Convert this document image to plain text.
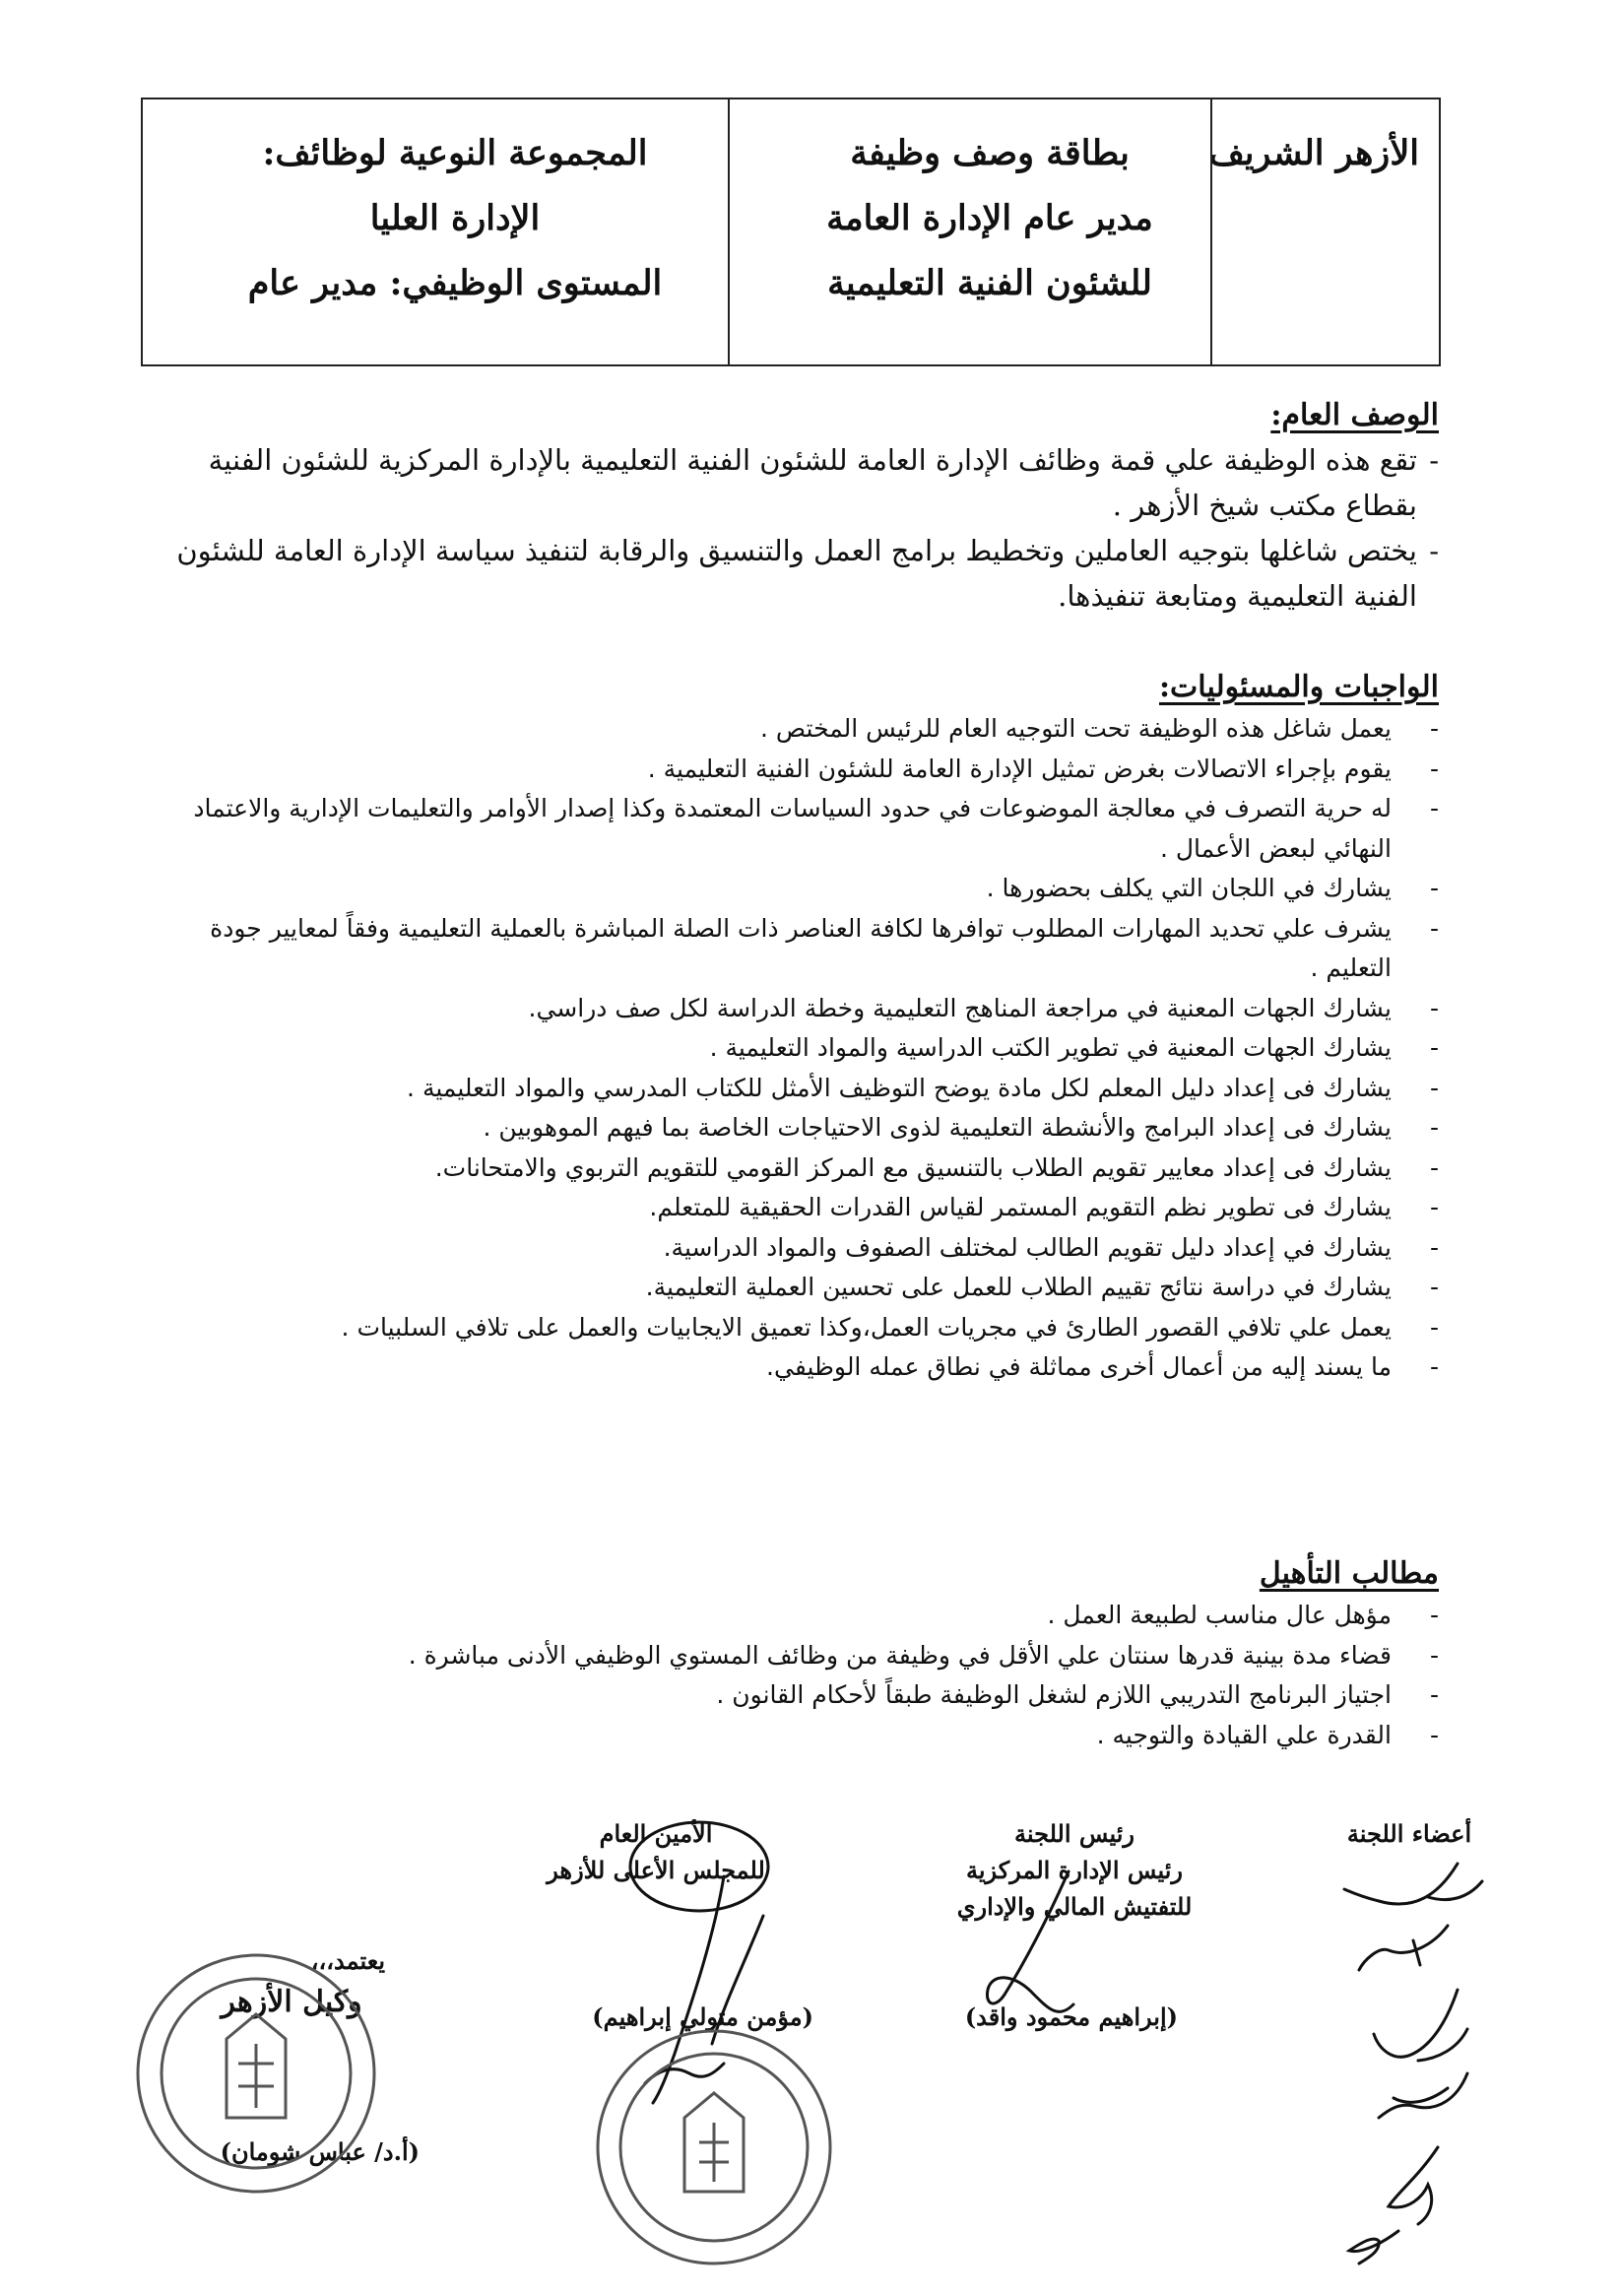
الأزهر الشريف
بطاقة وصف وظيفة
مدير عام الإدارة العامة
للشئون الفنية التعليمية
المجموعة النوعية لوظائف:
الإدارة العليا
المستوى الوظيفي: مدير عام
الوصف العام:
-
تقع هذه الوظيفة علي قمة وظائف الإدارة العامة للشئون الفنية التعليمية بالإدارة المركزية للشئون الفنية بقطاع مكتب شيخ الأزهر .
-
يختص شاغلها بتوجيه العاملين وتخطيط برامج العمل والتنسيق والرقابة لتنفيذ سياسة الإدارة العامة للشئون الفنية التعليمية ومتابعة تنفيذها.
الواجبات والمسئوليات:
-
يعمل شاغل هذه الوظيفة تحت التوجيه العام للرئيس المختص .
-
يقوم بإجراء الاتصالات بغرض تمثيل الإدارة العامة للشئون الفنية التعليمية .
-
له حرية التصرف في معالجة الموضوعات في حدود السياسات المعتمدة وكذا إصدار الأوامر والتعليمات الإدارية والاعتماد النهائي لبعض الأعمال .
-
يشارك في اللجان التي يكلف بحضورها .
-
يشرف علي تحديد المهارات المطلوب توافرها لكافة العناصر ذات الصلة المباشرة بالعملية التعليمية وفقاً لمعايير جودة التعليم .
-
يشارك الجهات المعنية في مراجعة المناهج التعليمية وخطة الدراسة لكل صف دراسي.
-
يشارك الجهات المعنية في تطوير الكتب الدراسية والمواد التعليمية .
-
يشارك فى إعداد دليل المعلم لكل مادة يوضح التوظيف الأمثل للكتاب المدرسي والمواد التعليمية .
-
يشارك فى إعداد البرامج والأنشطة التعليمية لذوى الاحتياجات الخاصة بما فيهم الموهوبين .
-
يشارك فى إعداد معايير تقويم الطلاب بالتنسيق مع المركز القومي للتقويم التربوي والامتحانات.
-
يشارك فى تطوير نظم التقويم المستمر لقياس القدرات الحقيقية للمتعلم.
-
يشارك في إعداد دليل تقويم الطالب لمختلف الصفوف والمواد الدراسية.
-
يشارك في دراسة نتائج تقييم الطلاب للعمل على تحسين العملية التعليمية.
-
يعمل علي تلافي القصور الطارئ في مجريات العمل،وكذا تعميق الايجابيات والعمل على تلافي السلبيات .
-
ما يسند إليه من أعمال أخرى مماثلة في نطاق عمله الوظيفي.
مطالب التأهيل
-
مؤهل عال مناسب لطبيعة العمل .
-
قضاء مدة بينية قدرها سنتان علي الأقل في وظيفة من وظائف المستوي الوظيفي الأدنى مباشرة .
-
اجتياز البرنامج التدريبي اللازم لشغل الوظيفة طبقاً لأحكام القانون .
-
القدرة علي القيادة والتوجيه .
أعضاء اللجنة
رئيس اللجنة
رئيس الإدارة المركزية
للتفتيش المالي والإداري
(إبراهيم محمود واقد)
الأمين العام
للمجلس الأعلى للأزهر
(مؤمن متولي إبراهيم)
يعتمد،،،
وكيل الأزهر
(أ.د/ عباس شومان)
